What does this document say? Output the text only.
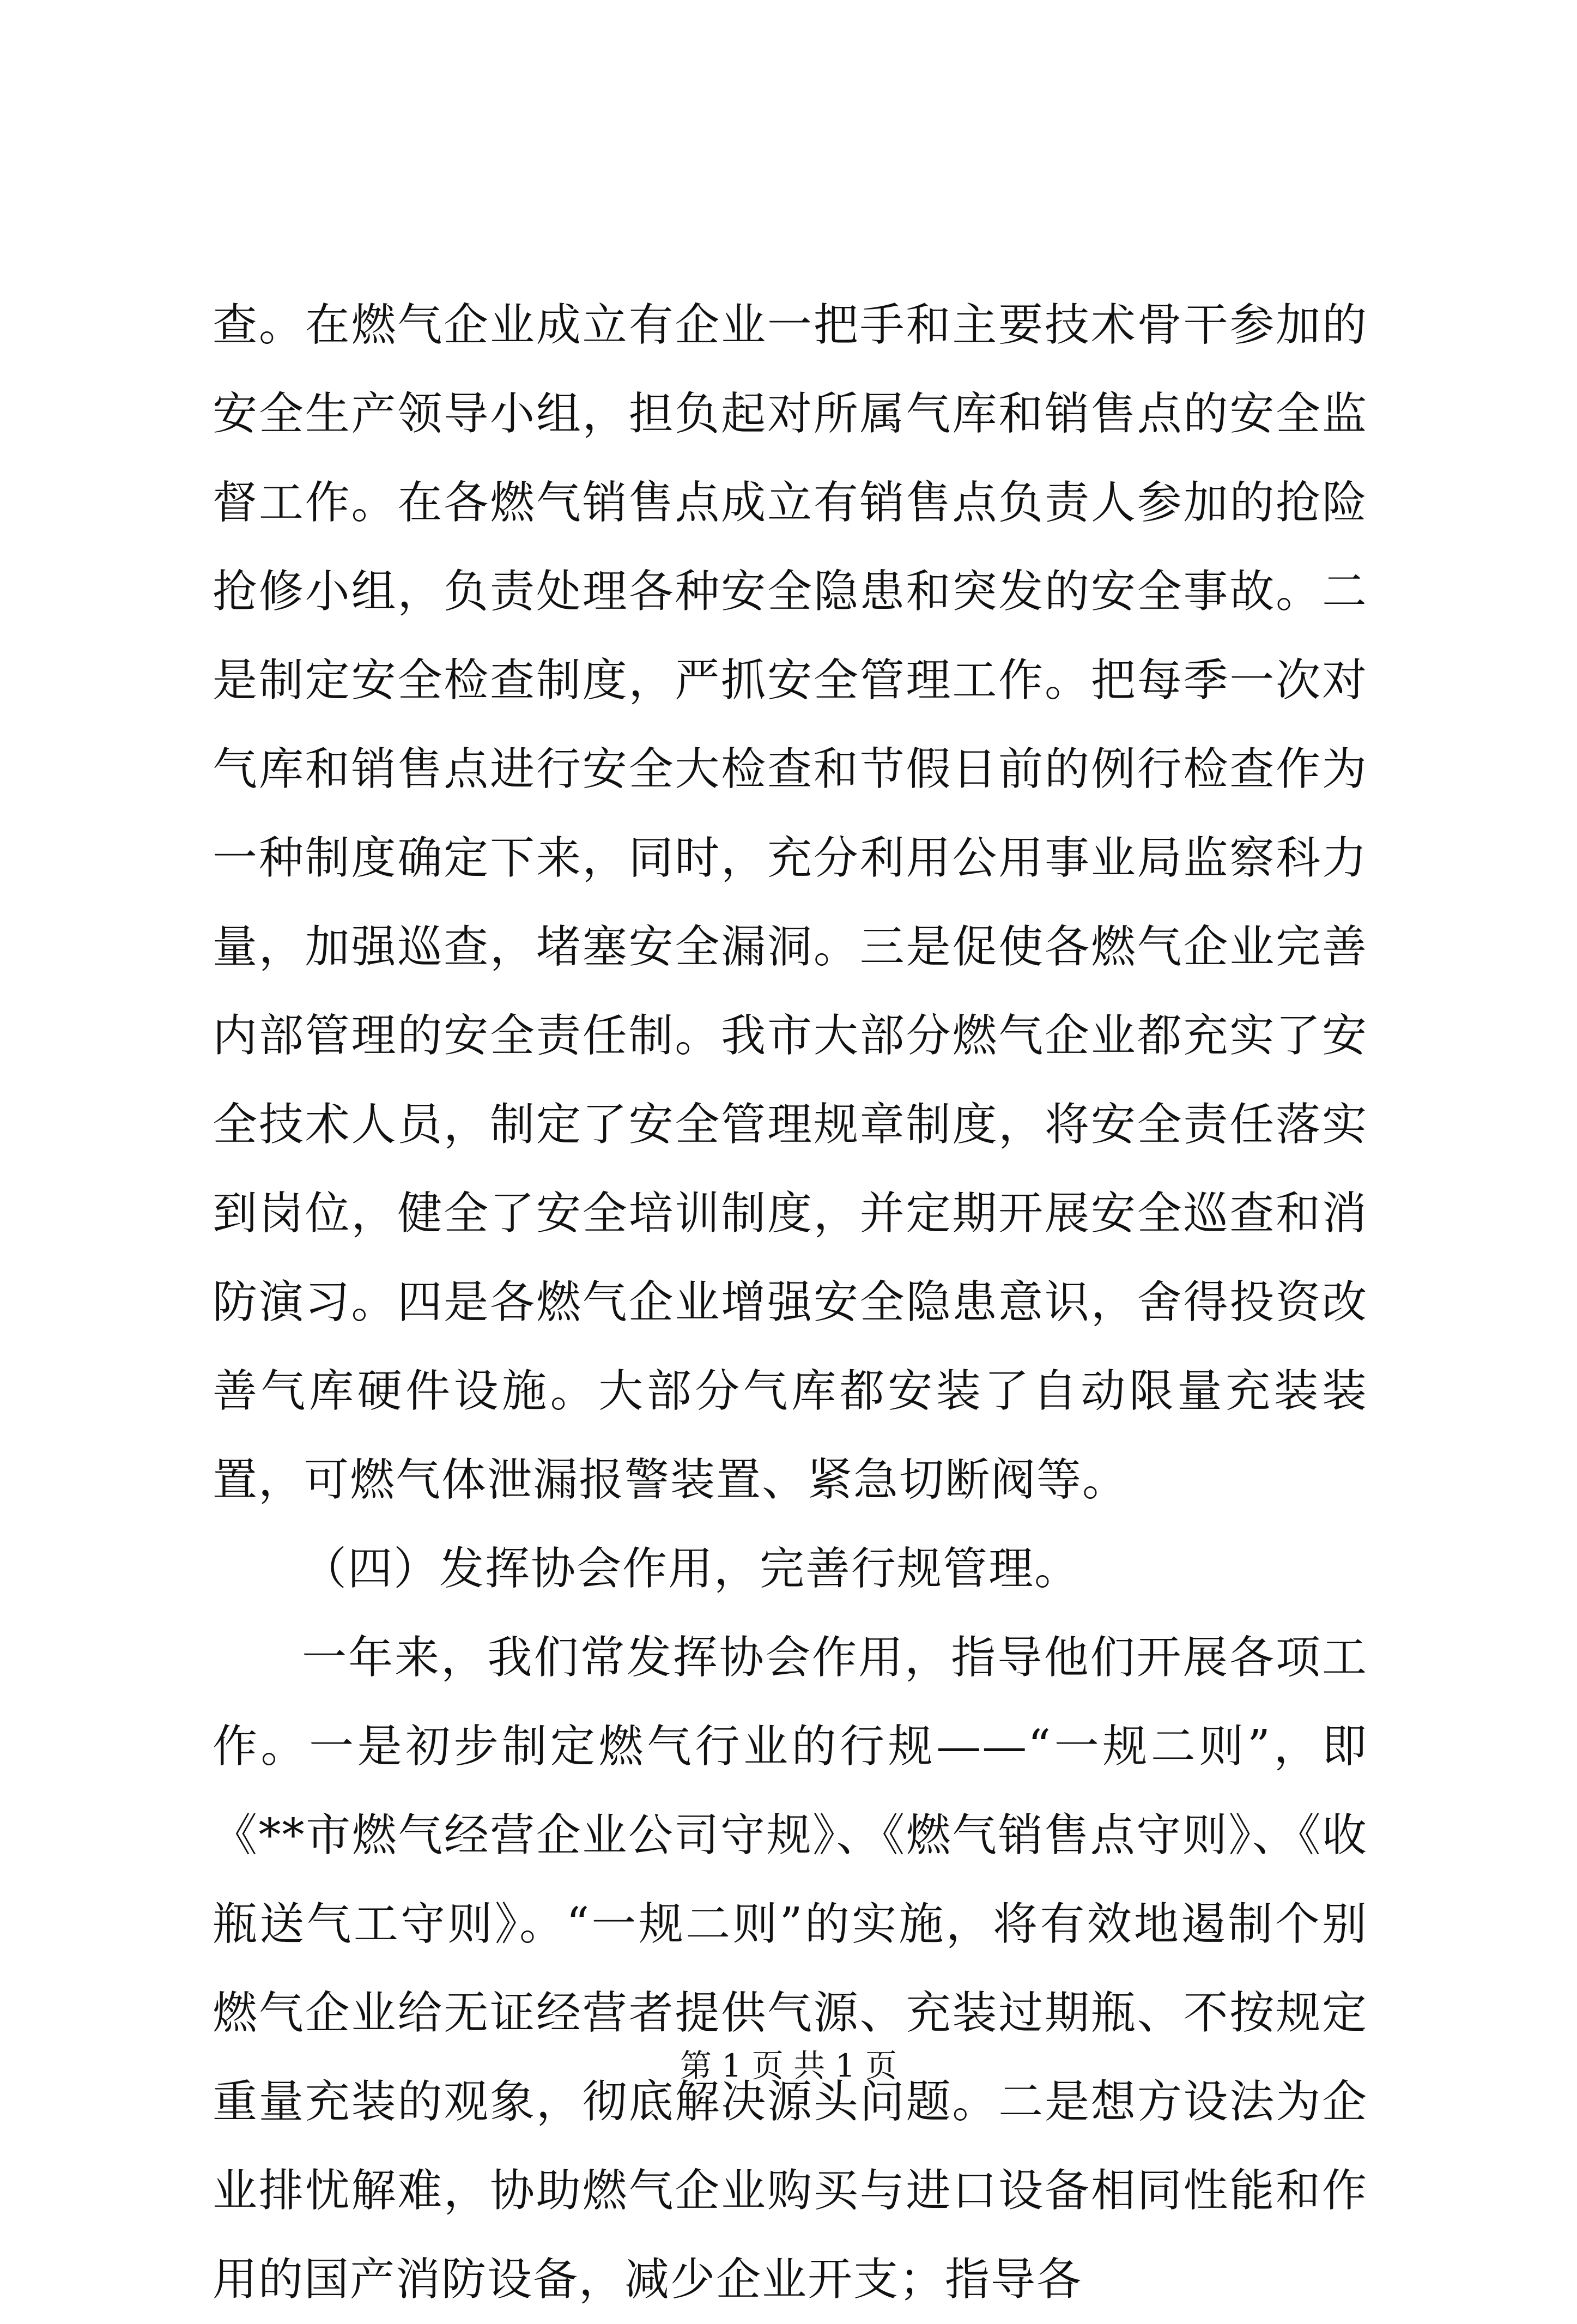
查。在燃气企业成立有企业一把手和主要技术骨干参加的安全生产领导小组，担负起对所属气库和销售点的安全监督工作。在各燃气销售点成立有销售点负责人参加的抢险抢修小组，负责处理各种安全隐患和突发的安全事故。二是制定安全检查制度，严抓安全管理工作。把每季一次对气库和销售点进行安全大检查和节假日前的例行检查作为一种制度确定下来，同时，充分利用公用事业局监察科力量，加强巡查，堵塞安全漏洞。三是促使各燃气企业完善内部管理的安全责任制。我市大部分燃气企业都充实了安全技术人员，制定了安全管理规章制度，将安全责任落实到岗位，健全了安全培训制度，并定期开展安全巡查和消防演习。四是各燃气企业增强安全隐患意识，舍得投资改善气库硬件设施。大部分气库都安装了自动限量充装装置，可燃气体泄漏报警装置、紧急切断阀等。

（四）发挥协会作用，完善行规管理。

一年来，我们常发挥协会作用，指导他们开展各项工作。一是初步制定燃气行业的行规——“一规二则”，即《**市燃气经营企业公司守规》、《燃气销售点守则》、《收瓶送气工守则》。“一规二则”的实施，将有效地遏制个别燃气企业给无证经营者提供气源、充装过期瓶、不按规定重量充装的观象，彻底解决源头问题。二是想方设法为企业排忧解难，协助燃气企业购买与进口设备相同性能和作用的国产消防设备，减少企业开支；指导各

第 1 页 共 1 页
